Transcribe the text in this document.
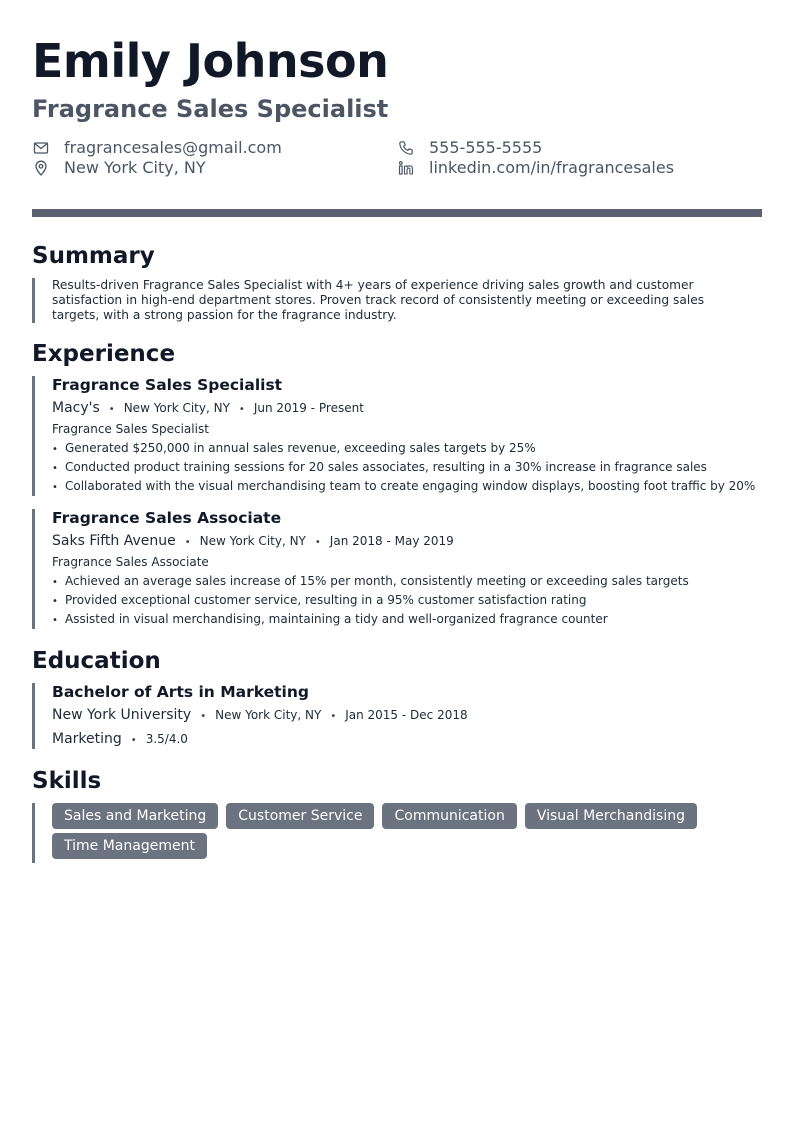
Emily Johnson
Fragrance Sales Specialist
fragrancesales@gmail.com
New York City, NY
555-555-5555
linkedin.com/in/fragrancesales
Summary

Results-driven Fragrance Sales Specialist with 4+ years of experience driving sales growth and customer satisfaction in high-end department stores. Proven track record of consistently meeting or exceeding sales targets, with a strong passion for the fragrance industry.

Experience
Fragrance Sales Specialist
Macy's • New York City, NY • Jun 2019 - Present
Fragrance Sales Specialist
• Generated $250,000 in annual sales revenue, exceeding sales targets by 25%
• Conducted product training sessions for 20 sales associates, resulting in a 30% increase in fragrance sales
• Collaborated with the visual merchandising team to create engaging window displays, boosting foot traffic by 20%
Fragrance Sales Associate
Saks Fifth Avenue • New York City, NY • Jan 2018 - May 2019
Fragrance Sales Associate
• Achieved an average sales increase of 15% per month, consistently meeting or exceeding sales targets
• Provided exceptional customer service, resulting in a 95% customer satisfaction rating
• Assisted in visual merchandising, maintaining a tidy and well-organized fragrance counter
Education
Bachelor of Arts in Marketing
New York University • New York City, NY • Jan 2015 - Dec 2018
Marketing • 3.5/4.0
Skills
Sales and Marketing	Customer Service	Communication	Visual Merchandising
Time Management
